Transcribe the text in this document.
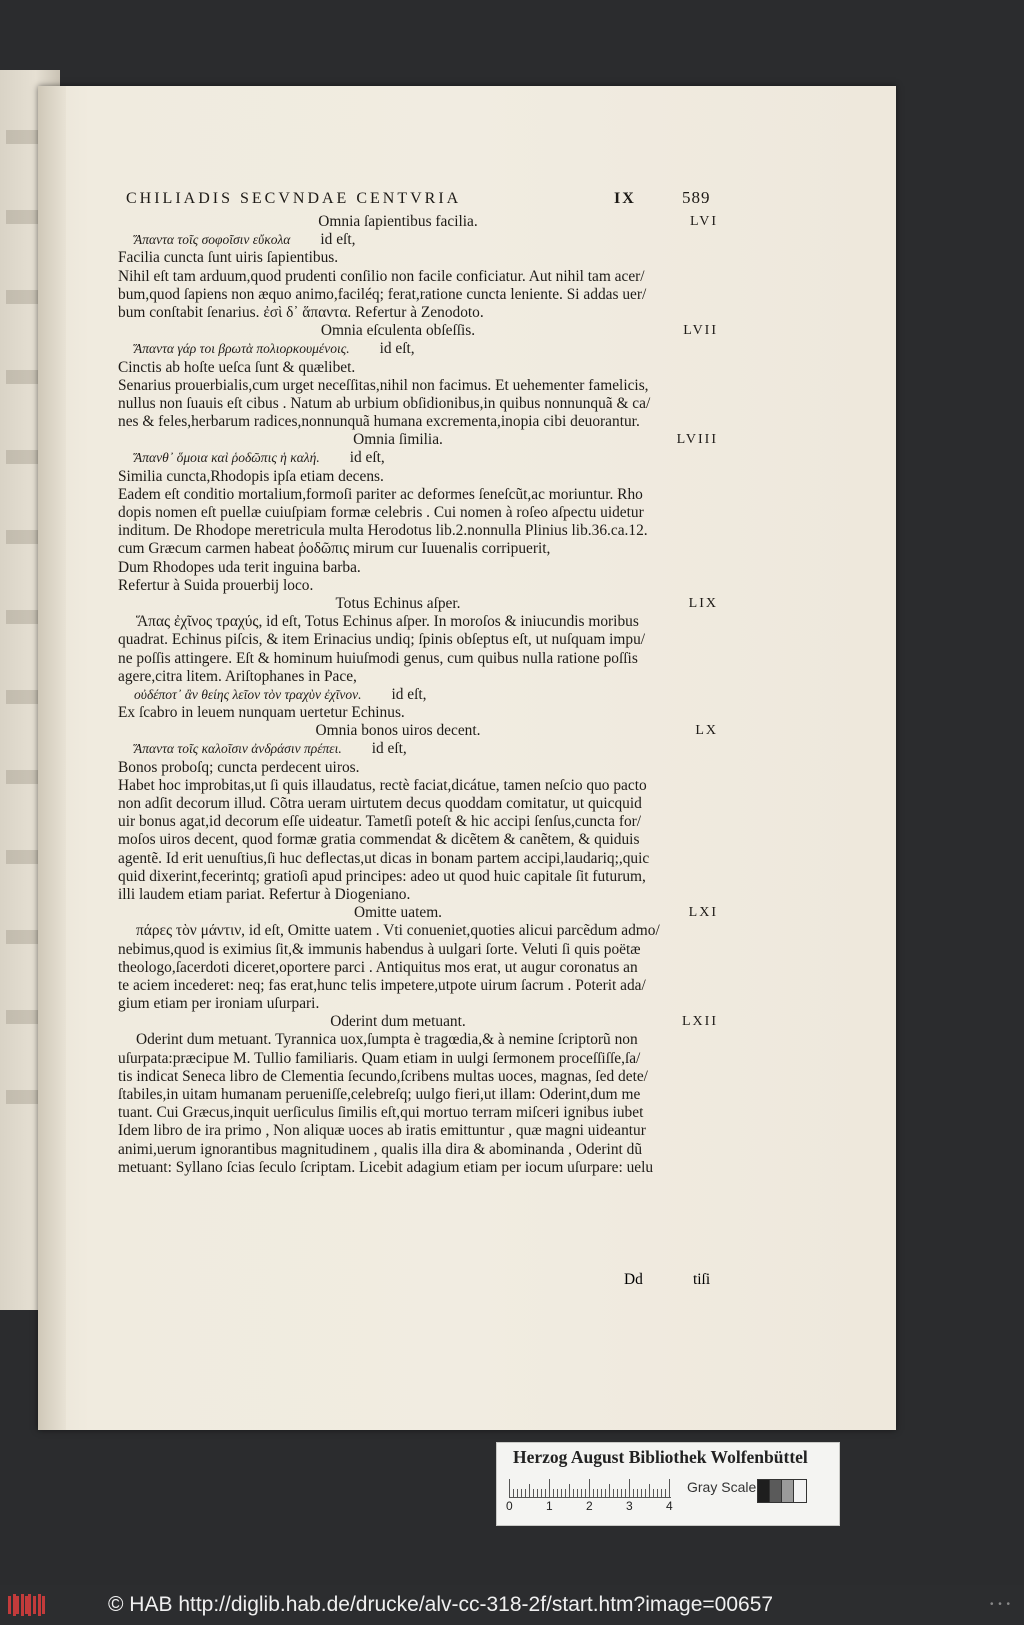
CHILIADIS SECVNDAE CENTVRIA	IX	589
Omnia ſapientibus facilia.	LVI
Ἅπαντα τοῖς σοφοῖσιν εὔκολα id eſt,
Facilia cuncta ſunt uiris ſapientibus.
Nihil eſt tam arduum,quod prudenti conſilio non facile conficiatur. Aut nihil tam acer/
bum,quod ſapiens non æquo animo,faciléq; ferat,ratione cuncta leniente. Si addas uer/
bum conſtabit ſenarius. ἐσὶ δ᾽ ἅπαντα. Refertur à Zenodoto.
Omnia eſculenta obſeſſis.	LVII
Ἅπαντα γάρ τοι βρωτὰ πολιορκουμένοις. id eſt,
Cinctis ab hoſte ueſca ſunt & quælibet.
Senarius prouerbialis,cum urget neceſſitas,nihil non facimus. Et uehementer famelicis,
nullus non ſuauis eſt cibus . Natum ab urbium obſidionibus,in quibus nonnunquã & ca/
nes & feles,herbarum radices,nonnunquã humana excrementa,inopia cibi deuorantur.
Omnia ſimilia.	LVIII
Ἅπανθ᾽ ὅμοια καὶ ῥοδῶπις ἡ καλή. id eſt,
Similia cuncta,Rhodopis ipſa etiam decens.
Eadem eſt conditio mortalium,formoſi pariter ac deformes ſeneſcũt,ac moriuntur. Rho
dopis nomen eſt puellæ cuiuſpiam formæ celebris . Cui nomen à roſeo aſpectu uidetur
inditum. De Rhodope meretricula multa Herodotus lib.2.nonnulla Plinius lib.36.ca.12.
cum Græcum carmen habeat ῥοδῶπις mirum cur Iuuenalis corripuerit,
Dum Rhodopes uda terit inguina barba.
Refertur à Suida prouerbij loco.
Totus Echinus aſper.	LIX
Ἅπας ἐχῖνος τραχύς, id eſt, Totus Echinus aſper. In moroſos & iniucundis moribus
quadrat. Echinus piſcis, & item Erinacius undiq; ſpinis obſeptus eſt, ut nuſquam impu/
ne poſſis attingere. Eſt & hominum huiuſmodi genus, cum quibus nulla ratione poſſis
agere,citra litem. Ariſtophanes in Pace,
οὐδέποτ᾽ ἂν θείης λεῖον τὸν τραχὺν ἐχῖνον. id eſt,
Ex ſcabro in leuem nunquam uertetur Echinus.
Omnia bonos uiros decent.	LX
Ἅπαντα τοῖς καλοῖσιν ἀνδράσιν πρέπει. id eſt,
Bonos proboſq; cuncta perdecent uiros.
Habet hoc improbitas,ut ſi quis illaudatus, rectè faciat,dicátue, tamen neſcio quo pacto
non adſit decorum illud. Cõtra ueram uirtutem decus quoddam comitatur, ut quicquid
uir bonus agat,id decorum eſſe uideatur. Tametſi poteſt & hic accipi ſenſus,cuncta for/
moſos uiros decent, quod formæ gratia commendat & dicẽtem & canẽtem, & quiduis
agentẽ. Id erit uenuſtius,ſi huc deflectas,ut dicas in bonam partem accipi,laudariq;,quic
quid dixerint,fecerintq; gratioſi apud principes: adeo ut quod huic capitale ſit futurum,
illi laudem etiam pariat. Refertur à Diogeniano.
Omitte uatem.	LXI
πάρες τὸν μάντιν, id eſt, Omitte uatem . Vti conueniet,quoties alicui parcẽdum admo/
nebimus,quod is eximius ſit,& immunis habendus à uulgari ſorte. Veluti ſi quis poëtæ
theologo,ſacerdoti diceret,oportere parci . Antiquitus mos erat, ut augur coronatus an
te aciem incederet: neq; fas erat,hunc telis impetere,utpote uirum ſacrum . Poterit ada/
gium etiam per ironiam uſurpari.
Oderint dum metuant.	LXII
Oderint dum metuant. Tyrannica uox,ſumpta è tragœdia,& à nemine ſcriptorũ non
uſurpata:præcipue M. Tullio familiaris. Quam etiam in uulgi ſermonem proceſſiſſe,ſa/
tis indicat Seneca libro de Clementia ſecundo,ſcribens multas uoces, magnas, ſed dete/
ſtabiles,in uitam humanam perueniſſe,celebreſq; uulgo fieri,ut illam: Oderint,dum me
tuant. Cui Græcus,inquit uerſiculus ſimilis eſt,qui mortuo terram miſceri ignibus iubet
Idem libro de ira primo , Non aliquæ uoces ab iratis emittuntur , quæ magni uideantur
animi,uerum ignorantibus magnitudinem , qualis illa dira & abominanda , Oderint dũ
metuant: Syllano ſcias ſeculo ſcriptam. Licebit adagium etiam per iocum uſurpare: uelu
Dd	tiſi
Herzog August Bibliothek Wolfenbüttel
0	1	2	3	4
Gray Scale
© HAB http://diglib.hab.de/drucke/alv-cc-318-2f/start.htm?image=00657	• • •
